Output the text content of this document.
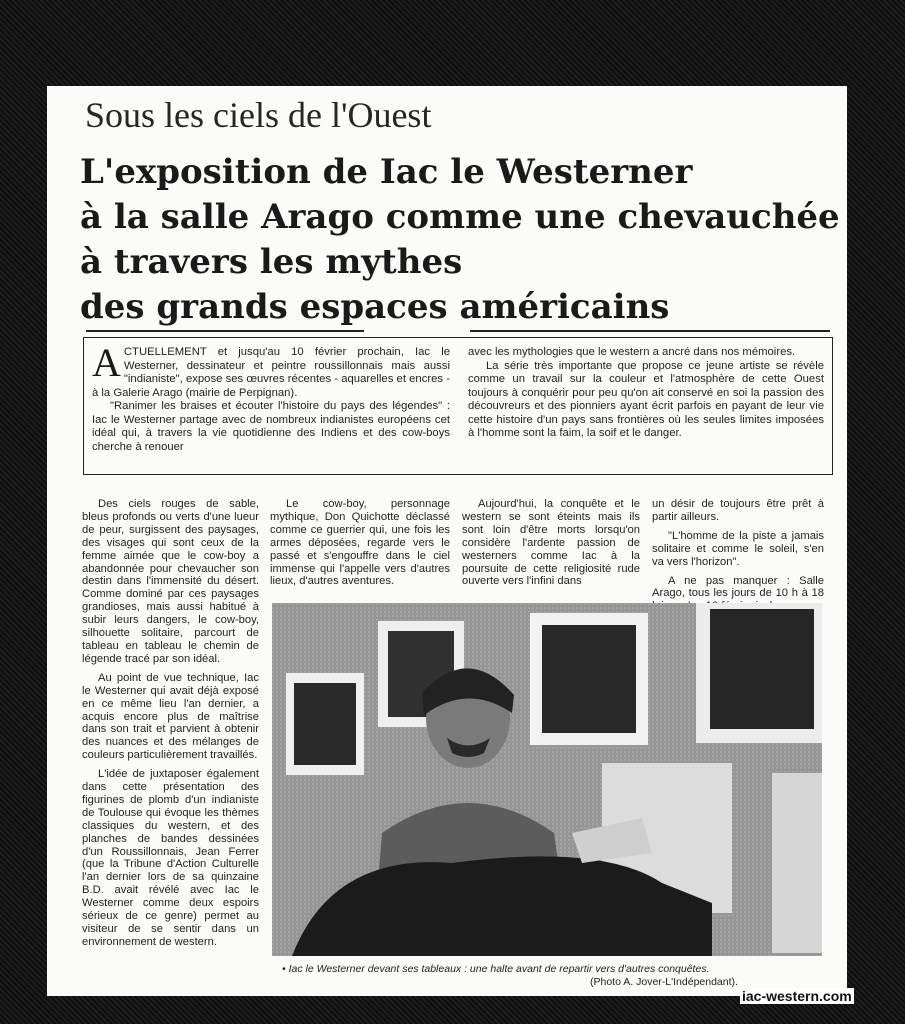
Sous les ciels de l'Ouest
L'exposition de Iac le Westerner
à la salle Arago comme une chevauchée
à travers les mythes
des grands espaces américains

ACTUELLEMENT et jusqu'au 10 février prochain, Iac le Westerner, dessinateur et peintre roussillonnais mais aussi "indianiste", expose ses œuvres récentes - aquarelles et encres - à la Galerie Arago (mairie de Perpignan).

"Ranimer les braises et écouter l'histoire du pays des légendes" : Iac le Westerner partage avec de nombreux indianistes européens cet idéal qui, à travers la vie quotidienne des Indiens et des cow-boys cherche à renouer

avec les mythologies que le western a ancré dans nos mémoires.

La série très importante que propose ce jeune artiste se révèle comme un travail sur la couleur et l'atmosphère de cette Ouest toujours à conquérir pour peu qu'on ait conservé en soi la passion des découvreurs et des pionniers ayant écrit parfois en payant de leur vie cette histoire d'un pays sans frontières où les seules limites imposées à l'homme sont la faim, la soif et le danger.

Des ciels rouges de sable, bleus profonds ou verts d'une lueur de peur, surgissent des paysages, des visages qui sont ceux de la femme aimée que le cow-boy a abandonnée pour chevaucher son destin dans l'immensité du désert. Comme dominé par ces paysages grandioses, mais aussi habitué à subir leurs dangers, le cow-boy, silhouette solitaire, parcourt de tableau en tableau le chemin de légende tracé par son idéal.

Au point de vue technique, Iac le Westerner qui avait déjà exposé en ce même lieu l'an dernier, a acquis encore plus de maîtrise dans son trait et parvient à obtenir des nuances et des mélanges de couleurs particulièrement travaillés.

L'idée de juxtaposer également dans cette présentation des figurines de plomb d'un indianiste de Toulouse qui évoque les thèmes classiques du western, et des planches de bandes dessinées d'un Roussillonnais, Jean Ferrer (que la Tribune d'Action Culturelle l'an dernier lors de sa quinzaine B.D. avait révélé avec Iac le Westerner comme deux espoirs sérieux de ce genre) permet au visiteur de se sentir dans un environnement de western.

Le cow-boy, personnage mythique, Don Quichotte déclassé comme ce guerrier qui, une fois les armes déposées, regarde vers le passé et s'engouffre dans le ciel immense qui l'appelle vers d'autres lieux, d'autres aventures.

Aujourd'hui, la conquête et le western se sont éteints mais ils sont loin d'être morts lorsqu'on considère l'ardente passion de westerners comme Iac à la poursuite de cette religiosité rude ouverte vers l'infini dans

un désir de toujours être prêt à partir ailleurs.

"L'homme de la piste a jamais solitaire et comme le soleil, s'en va vers l'horizon".

A ne pas manquer : Salle Arago, tous les jours de 10 h à 18

• Iac le Westerner devant ses tableaux : une halte avant de repartir vers d'autres conquêtes.
(Photo A. Jover-L'Indépendant).
iac-western.com
